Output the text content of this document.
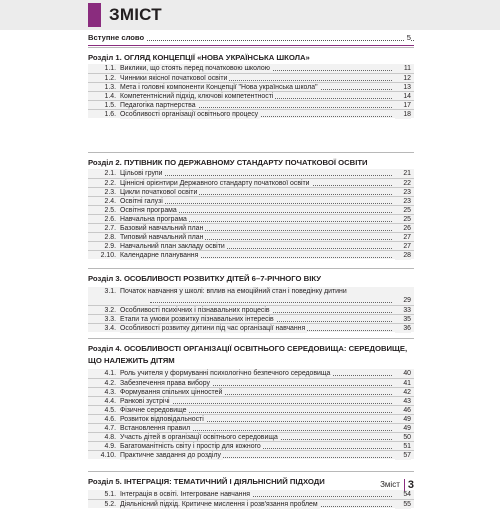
ЗМІСТ
Вступне слово	5
Розділ 1. ОГЛЯД КОНЦЕПЦІЇ «НОВА УКРАЇНСЬКА ШКОЛА»
1.1. Виклики, що стоять перед початковою школою	11
1.2. Чинники якісної початкової освіти	12
1.3. Мета і головні компоненти Концепції "Нова українська школа"	13
1.4. Компетентнісний підхід, ключові компетентності	14
1.5. Педагогіка партнерства	17
1.6. Особливості організації освітнього процесу	18
Розділ 2. ПУТІВНИК ПО ДЕРЖАВНОМУ СТАНДАРТУ ПОЧАТКОВОЇ ОСВІТИ
2.1. Цільові групи	21
2.2. Ціннісні орієнтири Державного стандарту початкової освіти	22
2.3. Цикли початкової освіти	23
2.4. Освітні галузі	23
2.5. Освітня програма	25
2.6. Навчальна програма	25
2.7. Базовий навчальний план	26
2.8. Типовий навчальний план	27
2.9. Навчальний план закладу освіти	27
2.10. Календарне планування	28
Розділ 3. ОСОБЛИВОСТІ РОЗВИТКУ ДІТЕЙ 6–7-РІЧНОГО ВІКУ
3.1. Початок навчання у школі: вплив на емоційний стан і поведінку дитини
29
3.2. Особливості психічних і пізнавальних процесів	33
3.3. Етапи та умови розвитку пізнавальних інтересів	35
3.4. Особливості розвитку дитини під час організації навчання	36
Розділ 4. ОСОБЛИВОСТІ ОРГАНІЗАЦІЇ ОСВІТНЬОГО СЕРЕДОВИЩА: СЕРЕДОВИЩЕ, ЩО НАЛЕЖИТЬ ДІТЯМ
4.1. Роль учителя у формуванні психологічно безпечного середовища	40
4.2. Забезпечення права вибору	41
4.3. Формування спільних цінностей	42
4.4. Ранкові зустрічі	43
4.5. Фізичне середовище	46
4.6. Розвиток відповідальності	49
4.7. Встановлення правил	49
4.8. Участь дітей в організації освітнього середовища	50
4.9. Багатоманітність світу і простір для кожного	51
4.10. Практичне завдання до розділу	57
Розділ 5. ІНТЕГРАЦІЯ: ТЕМАТИЧНИЙ І ДІЯЛЬНІСНИЙ ПІДХОДИ
5.1. Інтеграція в освіті. Інтегроване навчання	54
5.2. Діяльнісний підхід. Критичне мислення і розв'язання проблем	55
Зміст 3
